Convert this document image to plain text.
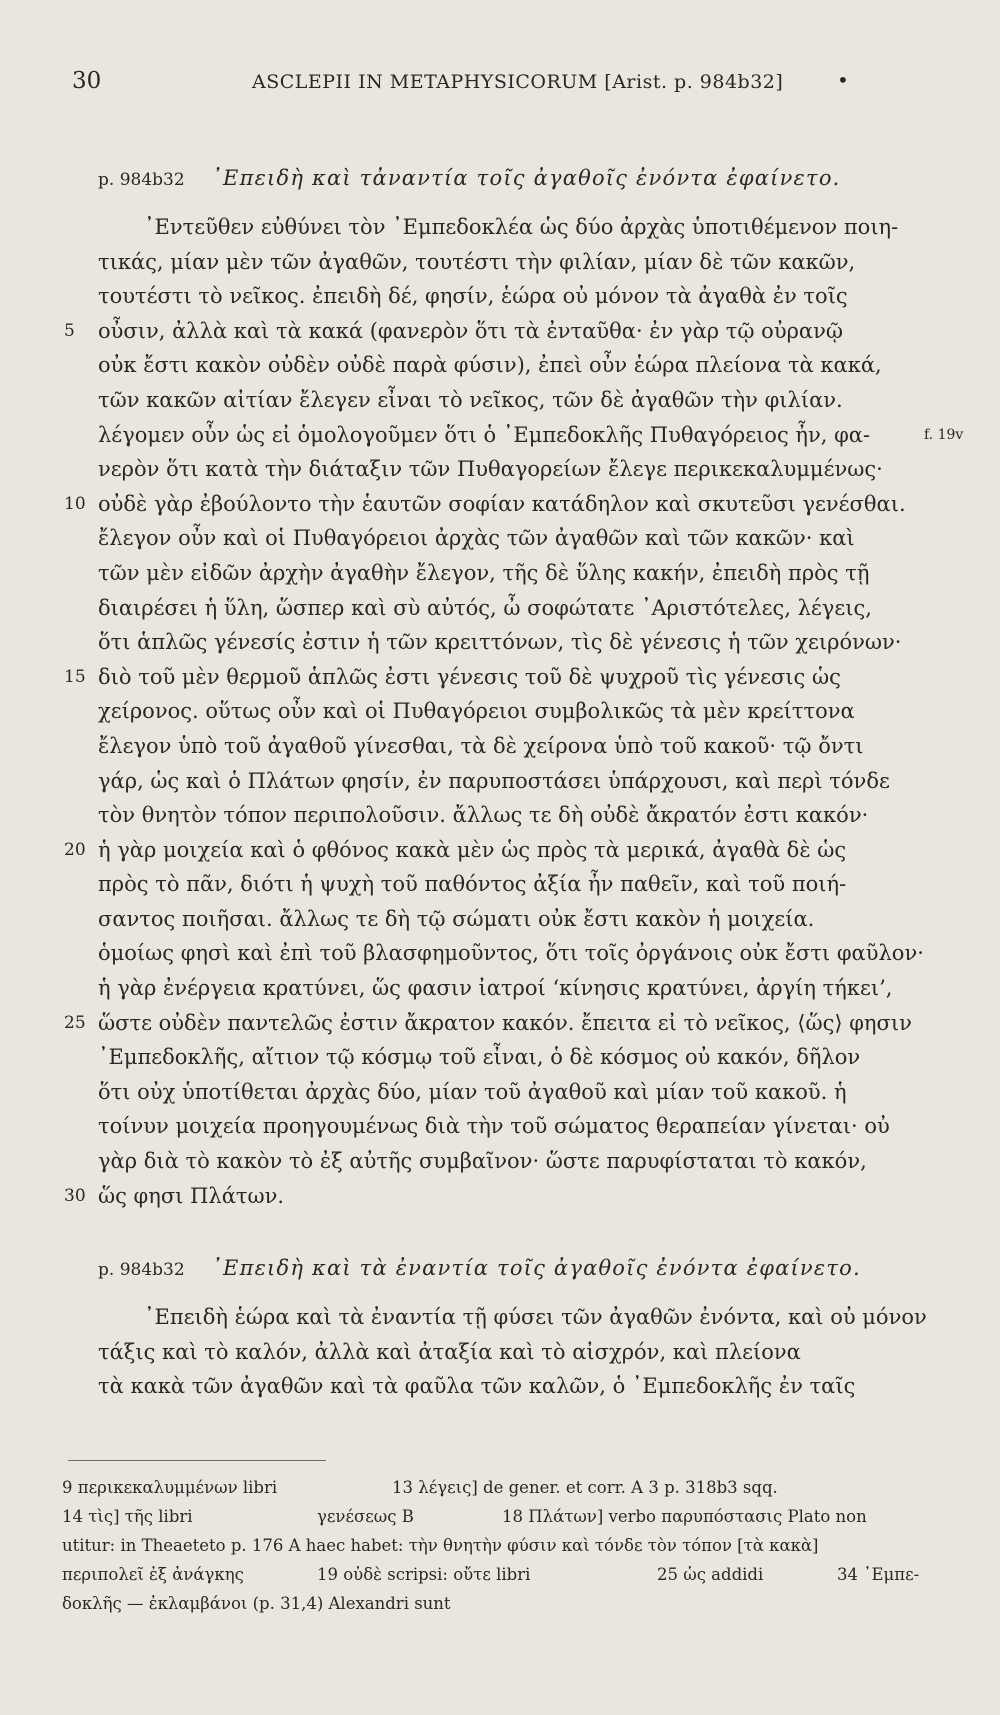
30	ASCLEPII IN METAPHYSICORUM [Arist. p. 984b32]	•
p. 984b32 ᾿Επειδὴ καὶ τἀναντία τοῖς ἀγαθοῖς ἐνόντα ἐφαίνετο.
᾿Εντεῦθεν εὐθύνει τὸν ᾿Εμπεδοκλέα ὡς δύο ἀρχὰς ὑποτιθέμενον ποιη-
τικάς, μίαν μὲν τῶν ἀγαθῶν, τουτέστι τὴν φιλίαν, μίαν δὲ τῶν κακῶν,
τουτέστι τὸ νεῖκος. ἐπειδὴ δέ, φησίν, ἑώρα οὐ μόνον τὰ ἀγαθὰ ἐν τοῖς
5 οὖσιν, ἀλλὰ καὶ τὰ κακά (φανερὸν ὅτι τὰ ἐνταῦθα· ἐν γὰρ τῷ οὐρανῷ
οὐκ ἔστι κακὸν οὐδὲν οὐδὲ παρὰ φύσιν), ἐπεὶ οὖν ἑώρα πλείονα τὰ κακά,
τῶν κακῶν αἰτίαν ἔλεγεν εἶναι τὸ νεῖκος, τῶν δὲ ἀγαθῶν τὴν φιλίαν.
λέγομεν οὖν ὡς εἰ ὁμολογοῦμεν ὅτι ὁ ᾿Εμπεδοκλῆς Πυθαγόρειος ἦν, φα-	f. 19v
νερὸν ὅτι κατὰ τὴν διάταξιν τῶν Πυθαγορείων ἔλεγε περικεκαλυμμένως·
10 οὐδὲ γὰρ ἐβούλοντο τὴν ἑαυτῶν σοφίαν κατάδηλον καὶ σκυτεῦσι γενέσθαι.
ἔλεγον οὖν καὶ οἱ Πυθαγόρειοι ἀρχὰς τῶν ἀγαθῶν καὶ τῶν κακῶν· καὶ
τῶν μὲν εἰδῶν ἀρχὴν ἀγαθὴν ἔλεγον, τῆς δὲ ὕλης κακήν, ἐπειδὴ πρὸς τῇ
διαιρέσει ἡ ὕλη, ὥσπερ καὶ σὺ αὐτός, ὦ σοφώτατε ᾿Αριστότελες, λέγεις,
ὅτι ἁπλῶς γένεσίς ἐστιν ἡ τῶν κρειττόνων, τὶς δὲ γένεσις ἡ τῶν χειρόνων·
15 διὸ τοῦ μὲν θερμοῦ ἁπλῶς ἐστι γένεσις τοῦ δὲ ψυχροῦ τὶς γένεσις ὡς
χείρονος. οὕτως οὖν καὶ οἱ Πυθαγόρειοι συμβολικῶς τὰ μὲν κρείττονα
ἔλεγον ὑπὸ τοῦ ἀγαθοῦ γίνεσθαι, τὰ δὲ χείρονα ὑπὸ τοῦ κακοῦ· τῷ ὄντι
γάρ, ὡς καὶ ὁ Πλάτων φησίν, ἐν παρυποστάσει ὑπάρχουσι, καὶ περὶ τόνδε
τὸν θνητὸν τόπον περιπολοῦσιν. ἄλλως τε δὴ οὐδὲ ἄκρατόν ἐστι κακόν·
20 ἡ γὰρ μοιχεία καὶ ὁ φθόνος κακὰ μὲν ὡς πρὸς τὰ μερικά, ἀγαθὰ δὲ ὡς
πρὸς τὸ πᾶν, διότι ἡ ψυχὴ τοῦ παθόντος ἀξία ἦν παθεῖν, καὶ τοῦ ποιή-
σαντος ποιῆσαι. ἄλλως τε δὴ τῷ σώματι οὐκ ἔστι κακὸν ἡ μοιχεία.
ὁμοίως φησὶ καὶ ἐπὶ τοῦ βλασφημοῦντος, ὅτι τοῖς ὀργάνοις οὐκ ἔστι φαῦλον·
ἡ γὰρ ἐνέργεια κρατύνει, ὥς φασιν ἰατροί ‘κίνησις κρατύνει, ἀργίη τήκει’,
25 ὥστε οὐδὲν παντελῶς ἐστιν ἄκρατον κακόν. ἔπειτα εἰ τὸ νεῖκος, ⟨ὥς⟩ φησιν
᾿Εμπεδοκλῆς, αἴτιον τῷ κόσμῳ τοῦ εἶναι, ὁ δὲ κόσμος οὐ κακόν, δῆλον
ὅτι οὐχ ὑποτίθεται ἀρχὰς δύο, μίαν τοῦ ἀγαθοῦ καὶ μίαν τοῦ κακοῦ. ἡ
τοίνυν μοιχεία προηγουμένως διὰ τὴν τοῦ σώματος θεραπείαν γίνεται· οὐ
γὰρ διὰ τὸ κακὸν τὸ ἐξ αὐτῆς συμβαῖνον· ὥστε παρυφίσταται τὸ κακόν,
30 ὥς φησι Πλάτων.
p. 984b32 ᾿Επειδὴ καὶ τὰ ἐναντία τοῖς ἀγαθοῖς ἐνόντα ἐφαίνετο.
᾿Επειδὴ ἑώρα καὶ τὰ ἐναντία τῇ φύσει τῶν ἀγαθῶν ἐνόντα, καὶ οὐ μόνον
τάξις καὶ τὸ καλόν, ἀλλὰ καὶ ἀταξία καὶ τὸ αἰσχρόν, καὶ πλείονα
τὰ κακὰ τῶν ἀγαθῶν καὶ τὰ φαῦλα τῶν καλῶν, ὁ ᾿Εμπεδοκλῆς ἐν ταῖς
9 περικεκαλυμμένων libri	13 λέγεις] de gener. et corr. A 3 p. 318b3 sqq.
14 τὶς] τῆς libri	γενέσεως B	18 Πλάτων] verbo παρυπόστασις Plato non
utitur: in Theaeteto p. 176 A haec habet: τὴν θνητὴν φύσιν καὶ τόνδε τὸν τόπον [τὰ κακὰ]
περιπολεῖ ἐξ ἀνάγκης	19 οὐδὲ scripsi: οὔτε libri	25 ὡς addidi	34 ᾿Εμπε-
δοκλῆς — ἐκλαμβάνοι (p. 31,4) Alexandri sunt
